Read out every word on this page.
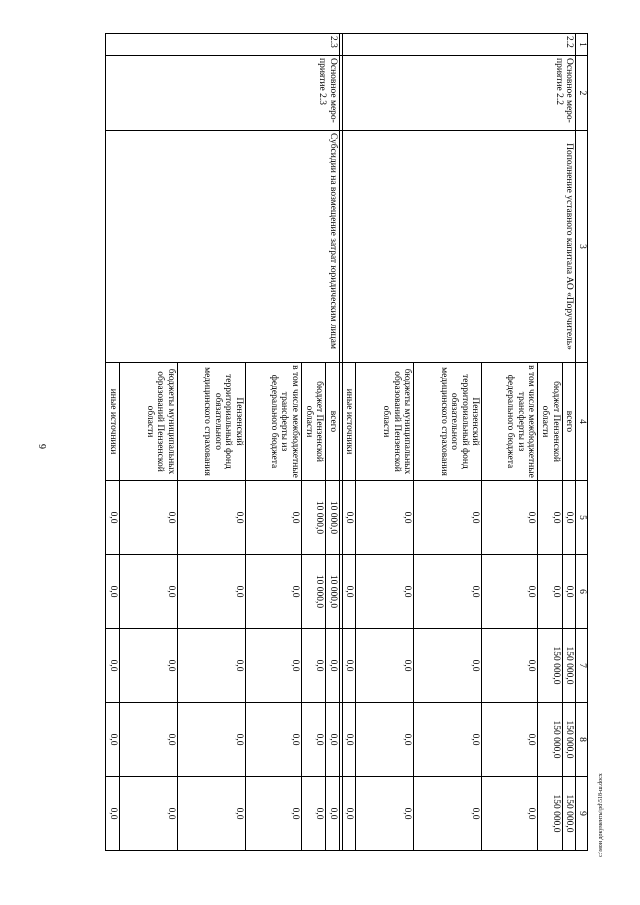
6
c:\мои документы\pd\518-ш.docx
1	2	3	4	5	6	7	8	9
2.2	Основное меро-приятие 2.2	Пополнение уставного капитала АО «Поручитель»	всего	0,0	0,0	150 000,0	150 000,0	150 000,0
			бюджет Пензенской области	0,0	0,0	150 000,0	150 000,0	150 000,0
			в том числе межбюджетные трансферты из федерального бюджета	0,0	0,0	0,0	0,0	0,0
			Пензенский территориальный фонд обязательного медицинского страхования	0,0	0,0	0,0	0,0	0,0
			бюджеты муниципальных образований Пензенской области	0,0	0,0	0,0	0,0	0,0
			иные источники	0,0	0,0	0,0	0,0	0,0

2.3	Основное меро-приятие 2.3	Субсидии на возмещение затрат юридическим лицам	всего	10 000,0	10 000,0	0,0	0,0	0,0
			бюджет Пензенской области	10 000,0	10 000,0	0,0	0,0	0,0
			в том числе межбюджетные трансферты из федерального бюджета	0,0	0,0	0,0	0,0	0,0
			Пензенский территориальный фонд обязательного медицинского страхования	0,0	0,0	0,0	0,0	0,0
			бюджеты муниципальных образований Пензенской области	0,0	0,0	0,0	0,0	0,0
			иные источники	0,0	0,0	0,0	0,0	0,0
